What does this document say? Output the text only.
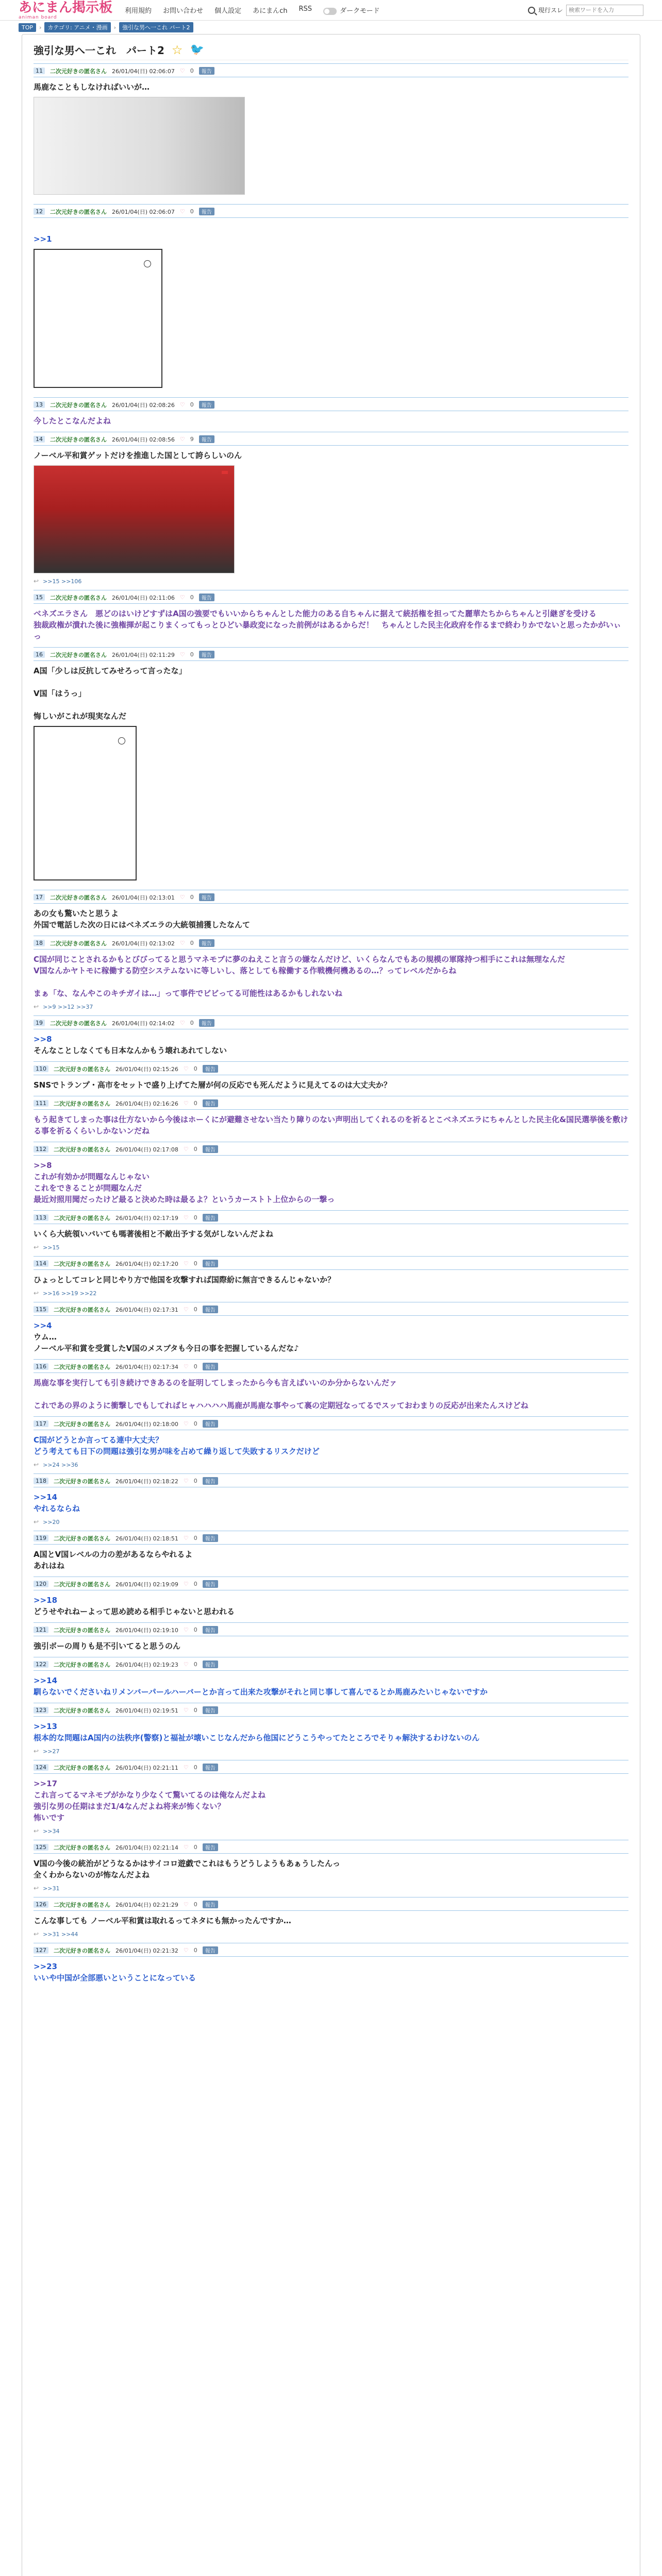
あにまん掲示板
animan board
利用規約 お問い合わせ 個人設定 あにまんch RSS	ダークモード	現行スレ
検索ワードを入力
TOP	›	カテゴリ: アニメ・漫画	›	強引な男へ一これ パート2
強引な男へ一これ　パート2 ☆ 🐦
11	二次元好きの匿名さん 26/01/04(日) 02:06:07 ♡ 0	報告
馬鹿なこともしなければいいが…
12	二次元好きの匿名さん 26/01/04(日) 02:06:07 ♡ 0	報告

>>1
13	二次元好きの匿名さん 26/01/04(日) 02:08:26 ♡ 0	報告
今したとこなんだよね
14	二次元好きの匿名さん 26/01/04(日) 02:08:56 ♡ 9	報告
ノーベル平和賞ゲットだけを推進した国として誇らしいのん
↩ >>15 >>106
15	二次元好きの匿名さん 26/01/04(日) 02:11:06 ♡ 0	報告
ベネズエラさん　悪どのはいけどすずはA国の強要でもいいからちゃんとした能力のある自ちゃんに据えて統括権を担ってた麗華たちからちゃんと引継ぎを受ける
独裁政権が潰れた後に強権揮が起こりまくってもっとひどい暴政変になった前例がはあるからだ！　ちゃんとした民主化政府を作るまで終わりかでないと思ったかがいぃっ
16	二次元好きの匿名さん 26/01/04(日) 02:11:29 ♡ 0	報告
A国「少しは反抗してみせろって言ったな」

V国「はうっ」

悔しいがこれが現実なんだ
17	二次元好きの匿名さん 26/01/04(日) 02:13:01 ♡ 0	報告
あの女も驚いたと思うよ
外国で電話した次の日にはベネズエラの大統領捕獲したなんて
18	二次元好きの匿名さん 26/01/04(日) 02:13:02 ♡ 0	報告
C国が同じことされるかもとびびってると思うマネモブに夢のねえこと言うの嫌なんだけど、いくらなんでもあの規模の軍隊持つ相手にこれは無理なんだ
V国なんかヤトモに稼働する防空システムないに等しいし、落としても稼働する作戦機何機あるの…？ってレベルだからね

まぁ「な、なんやこのキチガイは…」って事件でビビってる可能性はあるかもしれないね
↩ >>9 >>12 >>37
19	二次元好きの匿名さん 26/01/04(日) 02:14:02 ♡ 0	報告
>>8
そんなことしなくても日本なんかもう壊れあれてしない
110	二次元好きの匿名さん 26/01/04(日) 02:15:26 ♡ 0	報告
SNSでトランプ・高市をセットで盛り上げてた層が何の反応でも死んだように見えてるのは大丈夫か？
111	二次元好きの匿名さん 26/01/04(日) 02:16:26 ♡ 0	報告
もう起きてしまった事は仕方ないから今後はホーくにが避難させない当たり障りのない声明出してくれるのを祈るとこベネズエラにちゃんとした民主化&国民選挙後を敷ける事を祈るくらいしかないンだね
112	二次元好きの匿名さん 26/01/04(日) 02:17:08 ♡ 0	報告
>>8
これが有効かが問題なんじゃない
これをできることが問題なんだ
最近対照用聞だったけど最ると決めた時は最るよ？というカーストト上位からの一撃っ
113	二次元好きの匿名さん 26/01/04(日) 02:17:19 ♡ 0	報告
いくら大統領いバいても嗎著後相と不敵出予する気がしないんだよね
↩ >>15
114	二次元好きの匿名さん 26/01/04(日) 02:17:20 ♡ 0	報告
ひょっとしてコレと同じやり方で他国を攻撃すれば国際紛に無言できるんじゃないか？
↩ >>16 >>19 >>22
115	二次元好きの匿名さん 26/01/04(日) 02:17:31 ♡ 0	報告
>>4
ウム…
ノーベル平和賞を受賞したV国のメスブタも今日の事を把握しているんだな♪
116	二次元好きの匿名さん 26/01/04(日) 02:17:34 ♡ 0	報告
馬鹿な事を実行しても引き続けできあるのを証明してしまったから今も言えばいいのか分からないんだァ

これであの界のように衝撃しでもしてればヒャハハハハ馬鹿が馬鹿な事やって裏の定期冠なってるでスッておわまりの反応が出来たんスけどね
117	二次元好きの匿名さん 26/01/04(日) 02:18:00 ♡ 0	報告
C国がどうとか言ってる連中大丈夫？
どう考えても日下の問題は強引な男が味を占めて繰り返して失敗するリスクだけど
↩ >>24 >>36
118	二次元好きの匿名さん 26/01/04(日) 02:18:22 ♡ 0	報告
>>14
やれるならね
↩ >>20
119	二次元好きの匿名さん 26/01/04(日) 02:18:51 ♡ 0	報告
A国とV国レベルの力の差があるならやれるよ
あれはね
120	二次元好きの匿名さん 26/01/04(日) 02:19:09 ♡ 0	報告
>>18
どうせやれねーよって思め読める相手じゃないと思われる
121	二次元好きの匿名さん 26/01/04(日) 02:19:10 ♡ 0	報告
強引ボーの周りも是不引いてると思うのん
122	二次元好きの匿名さん 26/01/04(日) 02:19:23 ♡ 0	報告
>>14
馴らないでくださいねリメンバーパールハーバーとか言って出来た攻撃がそれと同じ事して喜んでるとか馬鹿みたいじゃないですか
123	二次元好きの匿名さん 26/01/04(日) 02:19:51 ♡ 0	報告
>>13
根本的な問題はA国内の法秩序(警察)と福祉が壊いこじなんだから他国にどうこうやってたところでそりゃ解決するわけないのん
↩ >>27
124	二次元好きの匿名さん 26/01/04(日) 02:21:11 ♡ 0	報告
>>17
これ言ってるマネモブがかなり少なくて驚いてるのは俺なんだよね
強引な男の任期はまだ1/4なんだよね将来が怖くない？
怖いです
↩ >>34
125	二次元好きの匿名さん 26/01/04(日) 02:21:14 ♡ 0	報告
V国の今後の統治がどうなるかはサイコロ遊戯でこれはもうどうしようもあぁうしたんっ
全くわからないのが怖なんだよね
↩ >>31
126	二次元好きの匿名さん 26/01/04(日) 02:21:29 ♡ 0	報告
こんな事しても ノーベル平和賞は取れるってネタにも無かったんですか…
↩ >>31 >>44
127	二次元好きの匿名さん 26/01/04(日) 02:21:32 ♡ 0	報告
>>23
いいや中国が全部悪いということになっている
